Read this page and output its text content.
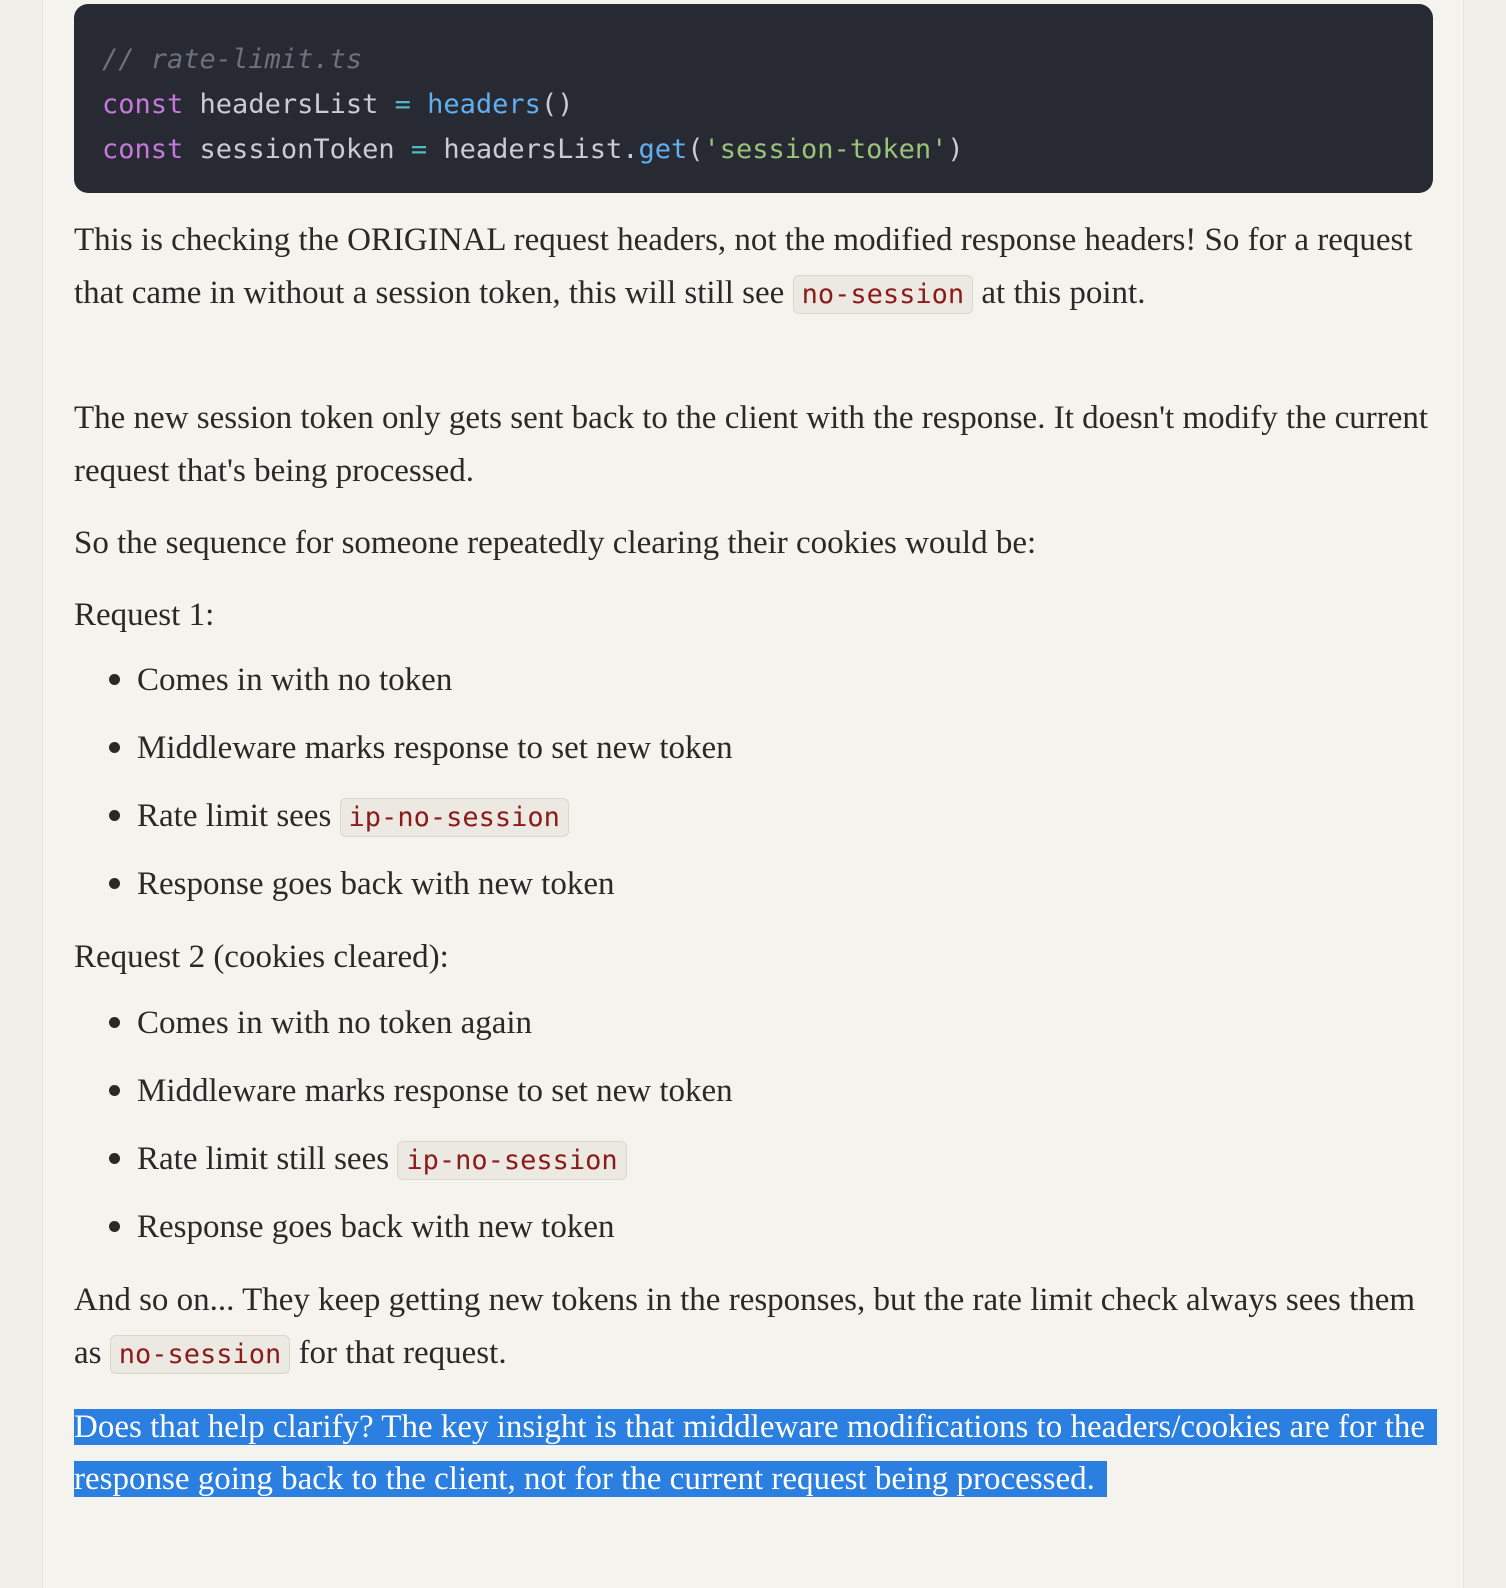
// rate-limit.ts
const headersList = headers()
const sessionToken = headersList.get('session-token')

This is checking the ORIGINAL request headers, not the modified response headers! So for a request that came in without a session token, this will still see no-session at this point.

The new session token only gets sent back to the client with the response. It doesn't modify the current request that's being processed.

So the sequence for someone repeatedly clearing their cookies would be:

Request 1:

Comes in with no token
Middleware marks response to set new token
Rate limit sees ip-no-session
Response goes back with new token

Request 2 (cookies cleared):

Comes in with no token again
Middleware marks response to set new token
Rate limit still sees ip-no-session
Response goes back with new token

And so on... They keep getting new tokens in the responses, but the rate limit check always sees them as no-session for that request.

Does that help clarify? The key insight is that middleware modifications to headers/cookies are for the response going back to the client, not for the current request being processed.
